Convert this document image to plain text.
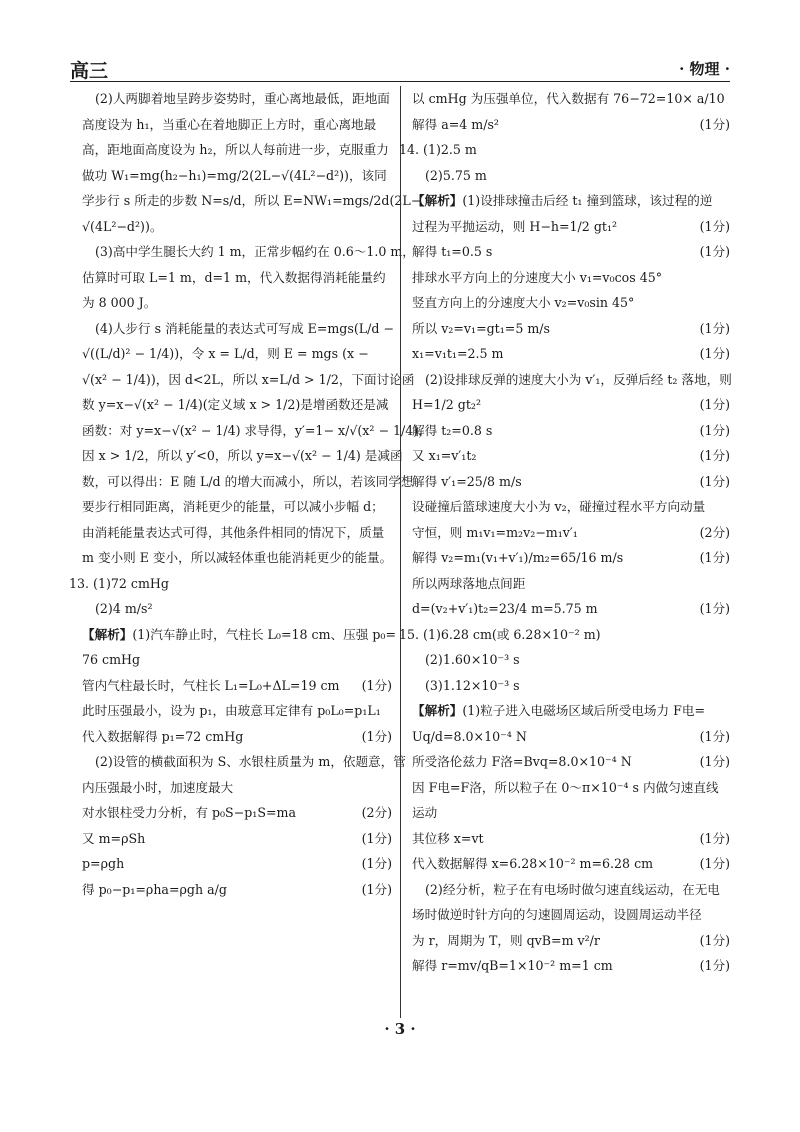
高三	· 物理 ·
(2)人两脚着地呈跨步姿势时，重心离地最低，距地面
高度设为 h₁，当重心在着地脚正上方时，重心离地最
高，距地面高度设为 h₂，所以人每前进一步，克服重力
做功 W₁=mg(h₂−h₁)=mg/2(2L−√(4L²−d²))，该同
学步行 s 所走的步数 N=s/d，所以 E=NW₁=mgs/2d(2L−
√(4L²−d²))。
(3)高中学生腿长大约 1 m，正常步幅约在 0.6～1.0 m，
估算时可取 L=1 m，d=1 m，代入数据得消耗能量约
为 8 000 J。
(4)人步行 s 消耗能量的表达式可写成 E=mgs(L/d −
√((L/d)² − 1/4))，令 x = L/d，则 E = mgs (x −
√(x² − 1/4))，因 d<2L，所以 x=L/d > 1/2，下面讨论函
数 y=x−√(x² − 1/4)(定义域 x > 1/2)是增函数还是减
函数：对 y=x−√(x² − 1/4) 求导得，y′=1− x/√(x² − 1/4)，
因 x > 1/2，所以 y′<0，所以 y=x−√(x² − 1/4) 是减函
数，可以得出：E 随 L/d 的增大而减小，所以，若该同学想
要步行相同距离，消耗更少的能量，可以减小步幅 d；
由消耗能量表达式可得，其他条件相同的情况下，质量
m 变小则 E 变小，所以减轻体重也能消耗更少的能量。
13. (1)72 cmHg
(2)4 m/s²
【解析】(1)汽车静止时，气柱长 L₀=18 cm、压强 p₀=
76 cmHg
管内气柱最长时，气柱长 L₁=L₀+ΔL=19 cm (1分)
此时压强最小，设为 p₁，由玻意耳定律有 p₀L₀=p₁L₁
代入数据解得 p₁=72 cmHg	(1分)
(2)设管的横截面积为 S、水银柱质量为 m，依题意，管
内压强最小时，加速度最大
对水银柱受力分析，有 p₀S−p₁S=ma	(2分)
又 m=ρSh	(1分)
p=ρgh	(1分)
得 p₀−p₁=ρha=ρgh a/g	(1分)
以 cmHg 为压强单位，代入数据有 76−72=10× a/10
解得 a=4 m/s²	(1分)
14. (1)2.5 m
(2)5.75 m
【解析】(1)设排球撞击后经 t₁ 撞到篮球，该过程的逆
过程为平抛运动，则 H−h=1/2 gt₁²	(1分)
解得 t₁=0.5 s	(1分)
排球水平方向上的分速度大小 v₁=v₀cos 45°
竖直方向上的分速度大小 v₂=v₀sin 45°
所以 v₂=v₁=gt₁=5 m/s	(1分)
x₁=v₁t₁=2.5 m	(1分)
(2)设排球反弹的速度大小为 v′₁，反弹后经 t₂ 落地，则
H=1/2 gt₂²	(1分)
解得 t₂=0.8 s	(1分)
又 x₁=v′₁t₂	(1分)
解得 v′₁=25/8 m/s	(1分)
设碰撞后篮球速度大小为 v₂，碰撞过程水平方向动量
守恒，则 m₁v₁=m₂v₂−m₁v′₁	(2分)
解得 v₂=m₁(v₁+v′₁)/m₂=65/16 m/s	(1分)
所以两球落地点间距
d=(v₂+v′₁)t₂=23/4 m=5.75 m	(1分)
15. (1)6.28 cm(或 6.28×10⁻² m)
(2)1.60×10⁻³ s
(3)1.12×10⁻³ s
【解析】(1)粒子进入电磁场区域后所受电场力 F电=
Uq/d=8.0×10⁻⁴ N	(1分)
所受洛伦兹力 F洛=Bvq=8.0×10⁻⁴ N	(1分)
因 F电=F洛，所以粒子在 0～π×10⁻⁴ s 内做匀速直线
运动
其位移 x=vt	(1分)
代入数据解得 x=6.28×10⁻² m=6.28 cm	(1分)
(2)经分析，粒子在有电场时做匀速直线运动，在无电
场时做逆时针方向的匀速圆周运动，设圆周运动半径
为 r，周期为 T，则 qvB=m v²/r	(1分)
解得 r=mv/qB=1×10⁻² m=1 cm	(1分)
· 3 ·
